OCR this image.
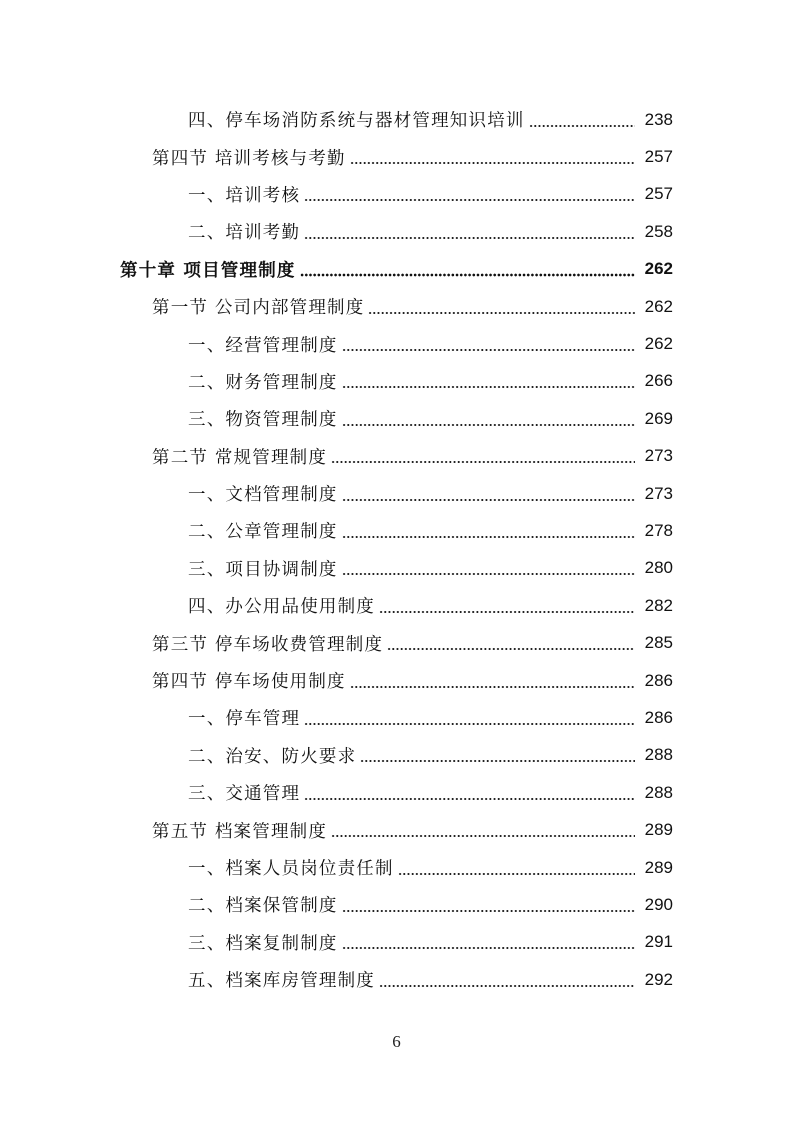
四、停车场消防系统与器材管理知识培训	238
第四节 培训考核与考勤	257
一、培训考核	257
二、培训考勤	258
第十章 项目管理制度	262
第一节 公司内部管理制度	262
一、经营管理制度	262
二、财务管理制度	266
三、物资管理制度	269
第二节 常规管理制度	273
一、文档管理制度	273
二、公章管理制度	278
三、项目协调制度	280
四、办公用品使用制度	282
第三节 停车场收费管理制度	285
第四节 停车场使用制度	286
一、停车管理	286
二、治安、防火要求	288
三、交通管理	288
第五节 档案管理制度	289
一、档案人员岗位责任制	289
二、档案保管制度	290
三、档案复制制度	291
五、档案库房管理制度	292
6
